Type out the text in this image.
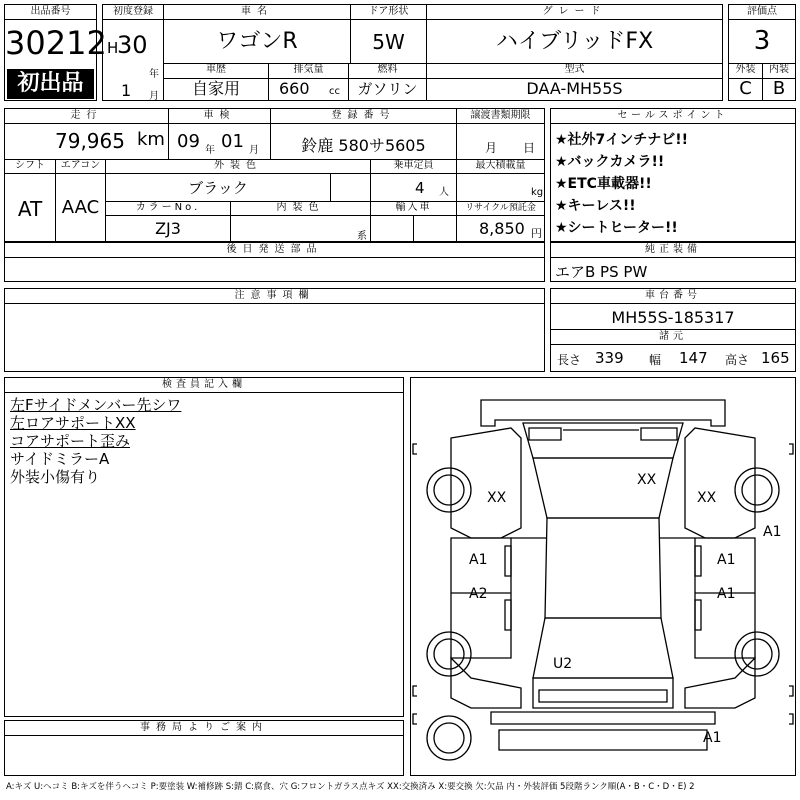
出品番号
30212
初出品
初度登録
H
30
年
1 月
車名
ワゴンR
ドア形状
5W
グレード
ハイブリッドFX
車歴
自家用
排気量
660 cc
燃料
ガソリン
型式
DAA-MH55S
評価点
3
外装	内装
C	B
走行
79,965 km
車検
09 年 01 月
登録番号
鈴鹿 580サ5605
譲渡書類期限
月 日
シフト
AT
エアコン
AAC
外装色
ブラック
乗車定員
4 人
最大積載量
kg
カラーNo.
ZJ3
内装色
系
輸入車	リサイクル預託金
8,850 円
後日発送部品
セールスポイント
★社外7インチナビ!!
★バックカメラ!!
★ETC車載器!!
★キーレス!!
★シートヒーター!!
純正装備
エアB PS PW
注意事項欄	車台番号
MH55S-185317
諸元
長さ 339 幅 147 高さ 165
検査員記入欄
左Fサイドメンバー先シワ
左ロアサポートXX
コアサポート歪み
サイドミラーA
外装小傷有り
事務局よりご案内
XX
XX
XX
A1
A1	A1
A2	A1
U2
A1
A:キズ U:ヘコミ B:キズを伴うヘコミ P:要塗装 W:補修跡 S:錆 C:腐食、穴 G:フロントガラス点キズ XX:交換済み X:要交換 欠:欠品 内・外装評価 5段階ランク順(A・B・C・D・E) 2
